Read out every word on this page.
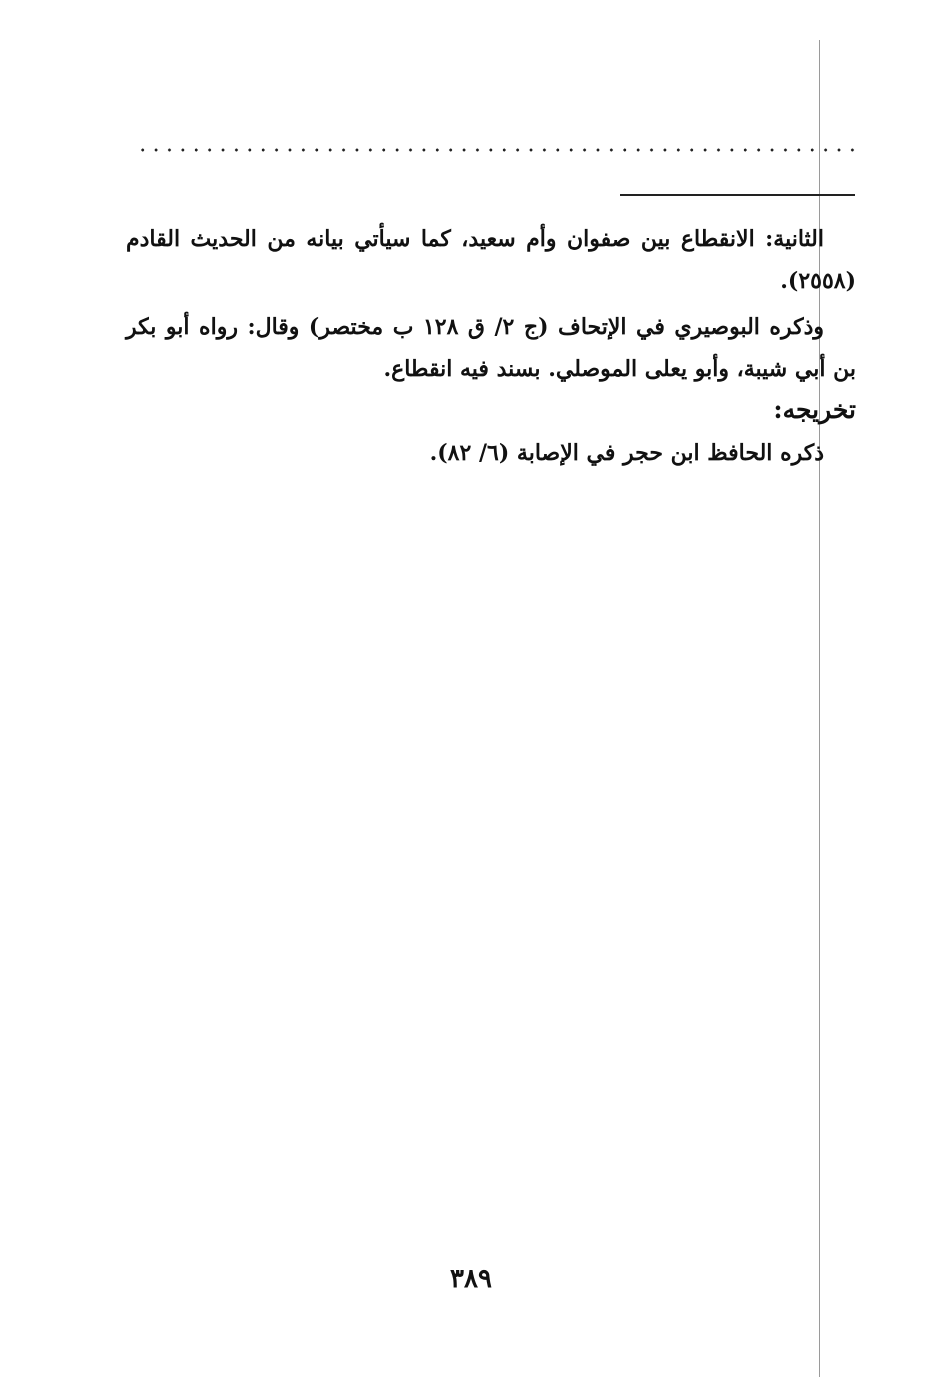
الثانية: الانقطاع بين صفوان وأم سعيد، كما سيأتي بيانه من الحديث القادم (٢٥٥٨).

وذكره البوصيري في الإتحاف (ج ٢/ ق ١٢٨ ب مختصر) وقال: رواه أبو بكر بن أبي شيبة، وأبو يعلى الموصلي. بسند فيه انقطاع.

تخريجه:

ذكره الحافظ ابن حجر في الإصابة (٦/ ٨٢).

٣٨٩
